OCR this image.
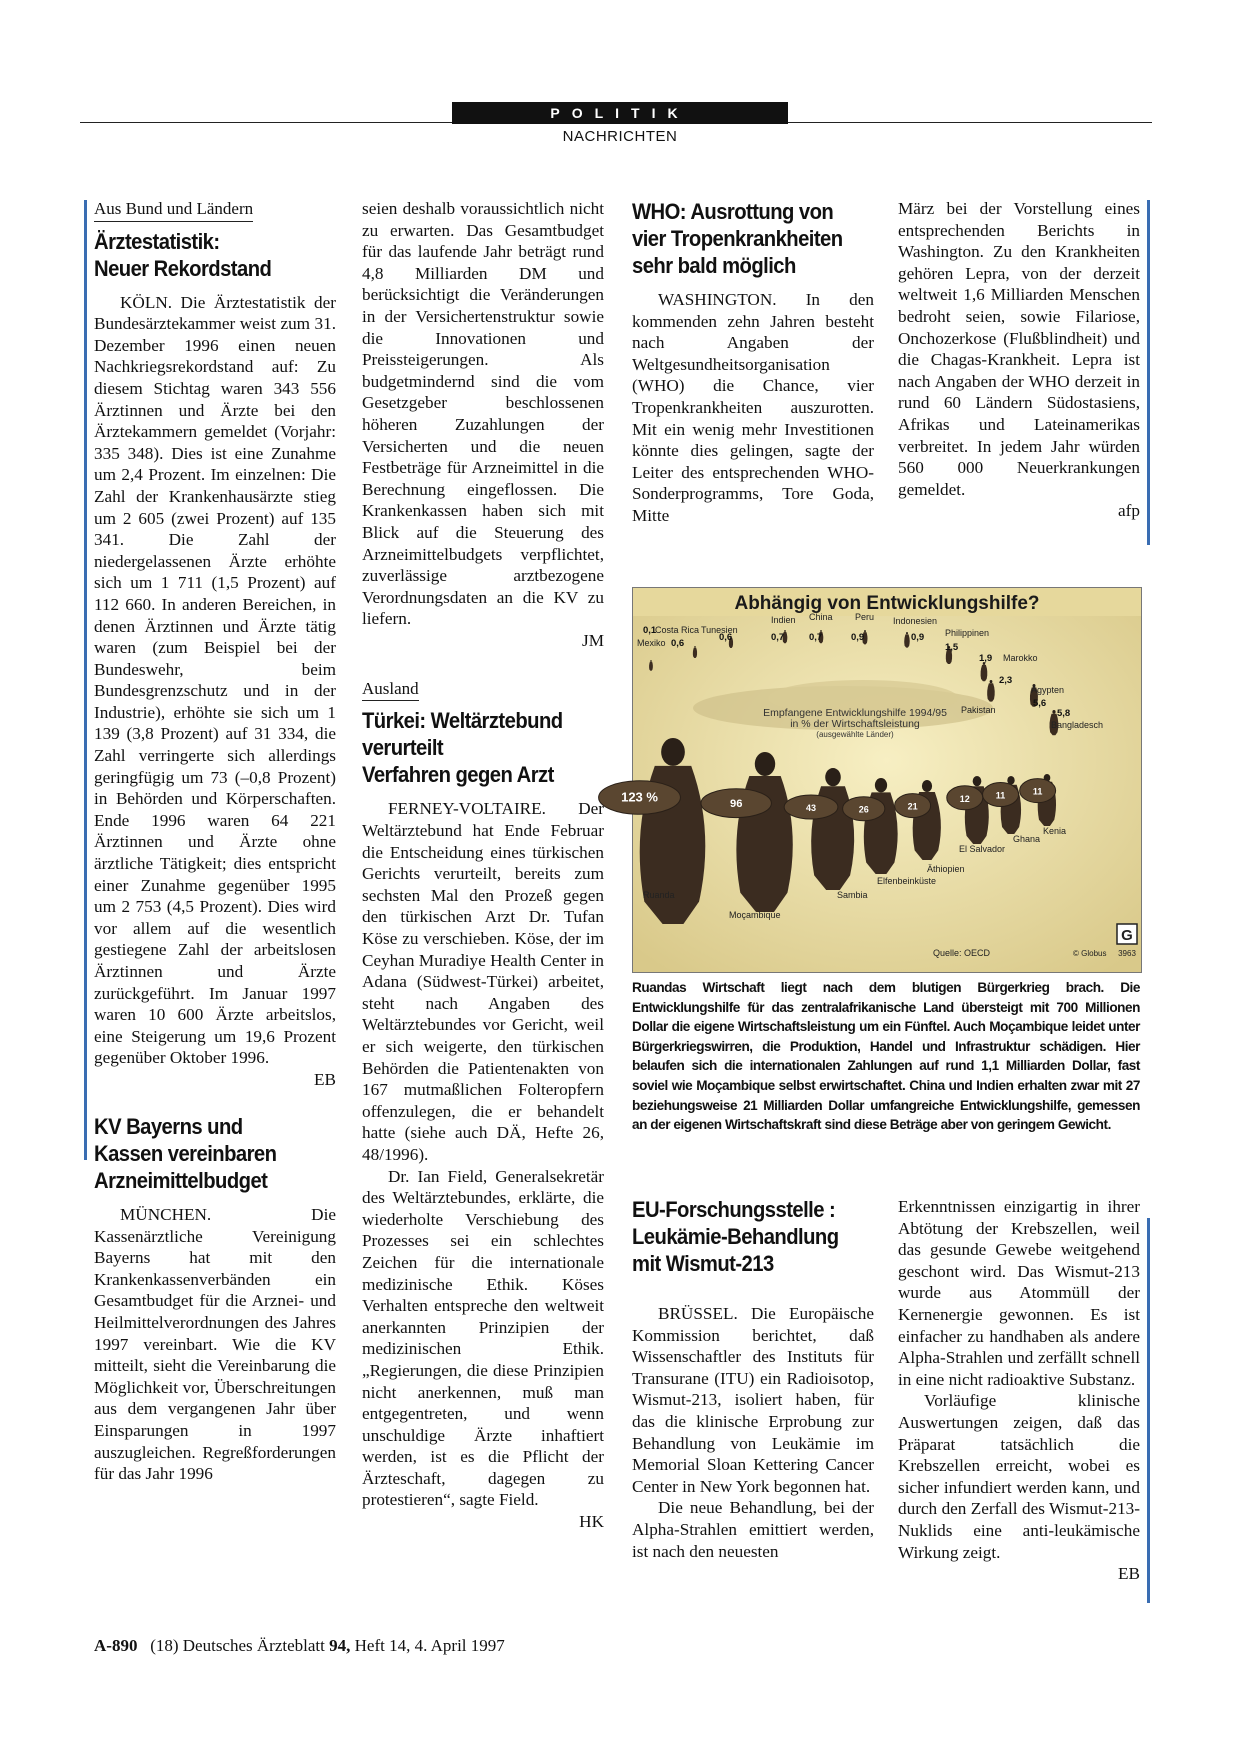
POLITIK
NACHRICHTEN
Aus Bund und Ländern
Ärztestatistik:
Neuer Rekordstand

KÖLN. Die Ärztestatistik der Bundesärztekammer weist zum 31. Dezember 1996 einen neuen Nachkriegsrekordstand auf: Zu diesem Stichtag waren 343 556 Ärztinnen und Ärzte bei den Ärztekammern gemeldet (Vorjahr: 335 348). Dies ist eine Zunahme um 2,4 Prozent. Im einzelnen: Die Zahl der Krankenhausärzte stieg um 2 605 (zwei Prozent) auf 135 341. Die Zahl der niedergelassenen Ärzte erhöhte sich um 1 711 (1,5 Prozent) auf 112 660. In anderen Bereichen, in denen Ärztinnen und Ärzte tätig waren (zum Beispiel bei der Bundeswehr, beim Bundesgrenzschutz und in der Industrie), erhöhte sie sich um 1 139 (3,8 Prozent) auf 31 334, die Zahl verringerte sich allerdings geringfügig um 73 (–0,8 Prozent) in Behörden und Körperschaften. Ende 1996 waren 64 221 Ärztinnen und Ärzte ohne ärztliche Tätigkeit; dies entspricht einer Zunahme gegenüber 1995 um 2 753 (4,5 Prozent). Dies wird vor allem auf die wesentlich gestiegene Zahl der arbeitslosen Ärztinnen und Ärzte zurückgeführt. Im Januar 1997 waren 10 600 Ärzte arbeitslos, eine Steigerung um 19,6 Prozent gegenüber Oktober 1996.

EB
KV Bayerns und
Kassen vereinbaren
Arzneimittelbudget

MÜNCHEN. Die Kassenärztliche Vereinigung Bayerns hat mit den Krankenkassenverbänden ein Gesamtbudget für die Arznei- und Heilmittelverordnungen des Jahres 1997 vereinbart. Wie die KV mitteilt, sieht die Vereinbarung die Möglichkeit vor, Überschreitungen aus dem vergangenen Jahr über Einsparungen in 1997 auszugleichen. Regreßforderungen für das Jahr 1996

seien deshalb voraussichtlich nicht zu erwarten. Das Gesamtbudget für das laufende Jahr beträgt rund 4,8 Milliarden DM und berücksichtigt die Veränderungen in der Versichertenstruktur sowie die Innovationen und Preissteigerungen. Als budgetmindernd sind die vom Gesetzgeber beschlossenen höheren Zuzahlungen der Versicherten und die neuen Festbeträge für Arzneimittel in die Berechnung eingeflossen. Die Krankenkassen haben sich mit Blick auf die Steuerung des Arzneimittelbudgets verpflichtet, zuverlässige arztbezogene Verordnungsdaten an die KV zu liefern.

JM
Ausland
Türkei: Weltärztebund
verurteilt
Verfahren gegen Arzt

FERNEY-VOLTAIRE. Der Weltärztebund hat Ende Februar die Entscheidung eines türkischen Gerichts verurteilt, bereits zum sechsten Mal den Prozeß gegen den türkischen Arzt Dr. Tufan Köse zu verschieben. Köse, der im Ceyhan Muradiye Health Center in Adana (Südwest-Türkei) arbeitet, steht nach Angaben des Weltärztebundes vor Gericht, weil er sich weigerte, den türkischen Behörden die Patientenakten von 167 mutmaßlichen Folteropfern offenzulegen, die er behandelt hatte (siehe auch DÄ, Hefte 26, 48/1996).

Dr. Ian Field, Generalsekretär des Weltärztebundes, erklärte, die wiederholte Verschiebung des Prozesses sei ein schlechtes Zeichen für die internationale medizinische Ethik. Köses Verhalten entspreche den weltweit anerkannten Prinzipien der medizinischen Ethik. „Regierungen, die diese Prinzipien nicht anerkennen, muß man entgegentreten, und wenn unschuldige Ärzte inhaftiert werden, ist es die Pflicht der Ärzteschaft, dagegen zu protestieren“, sagte Field.

HK
WHO: Ausrottung von
vier Tropenkrankheiten
sehr bald möglich

WASHINGTON. In den kommenden zehn Jahren besteht nach Angaben der Weltgesundheitsorganisation (WHO) die Chance, vier Tropenkrankheiten auszurotten. Mit ein wenig mehr Investitionen könnte dies gelingen, sagte der Leiter des entsprechenden WHO-Sonderprogramms, Tore Goda, Mitte

März bei der Vorstellung eines entsprechenden Berichts in Washington. Zu den Krankheiten gehören Lepra, von der derzeit weltweit 1,6 Milliarden Menschen bedroht seien, sowie Filariose, Onchozerkose (Flußblindheit) und die Chagas-Krankheit. Lepra ist nach Angaben der WHO derzeit in rund 60 Ländern Südostasiens, Afrikas und Lateinamerikas verbreitet. In jedem Jahr würden 560 000 Neuerkrankungen gemeldet.

afp
Abhängig von Entwicklungshilfe?
Empfangene Entwicklungshilfe 1994/95
in % der Wirtschaftsleistung
(ausgewählte Länder)
Mexiko
0,1
Costa Rica
0,6
Tunesien
0,6
Indien
0,7
China
0,7
Peru
0,9
Indonesien
0,9 Philippinen
1,5
Marokko
1,9
Pakistan
2,3
Ägypten
5,6
Bangladesch
5,8
123 %
Ruanda
96
Moçambique
43
Sambia
26
Elfenbeinküste
21
Äthiopien
12
El Salvador
11
Ghana
11
Kenia
Quelle: OECD	© Globus
G
3963
Ruandas Wirtschaft liegt nach dem blutigen Bürgerkrieg brach. Die Entwicklungshilfe für das zentralafrikanische Land übersteigt mit 700 Millionen Dollar die eigene Wirtschaftsleistung um ein Fünftel. Auch Moçambique leidet unter Bürgerkriegswirren, die Produktion, Handel und Infrastruktur schädigen. Hier belaufen sich die internationalen Zahlungen auf rund 1,1 Milliarden Dollar, fast soviel wie Moçambique selbst erwirtschaftet. China und Indien erhalten zwar mit 27 beziehungsweise 21 Milliarden Dollar umfangreiche Entwicklungshilfe, gemessen an der eigenen Wirtschaftskraft sind diese Beträge aber von geringem Gewicht.
EU-Forschungsstelle :
Leukämie-Behandlung
mit Wismut-213

BRÜSSEL. Die Europäische Kommission berichtet, daß Wissenschaftler des Instituts für Transurane (ITU) ein Radioisotop, Wismut-213, isoliert haben, für das die klinische Erprobung zur Behandlung von Leukämie im Memorial Sloan Kettering Cancer Center in New York begonnen hat.

Die neue Behandlung, bei der Alpha-Strahlen emittiert werden, ist nach den neuesten

Erkenntnissen einzigartig in ihrer Abtötung der Krebszellen, weil das gesunde Gewebe weitgehend geschont wird. Das Wismut-213 wurde aus Atommüll der Kernenergie gewonnen. Es ist einfacher zu handhaben als andere Alpha-Strahlen und zerfällt schnell in eine nicht radioaktive Substanz.

Vorläufige klinische Auswertungen zeigen, daß das Präparat tatsächlich die Krebszellen erreicht, wobei es sicher infundiert werden kann, und durch den Zerfall des Wismut-213-Nuklids eine anti-leukämische Wirkung zeigt.

EB
A-890 (18) Deutsches Ärzteblatt 94, Heft 14, 4. April 1997
